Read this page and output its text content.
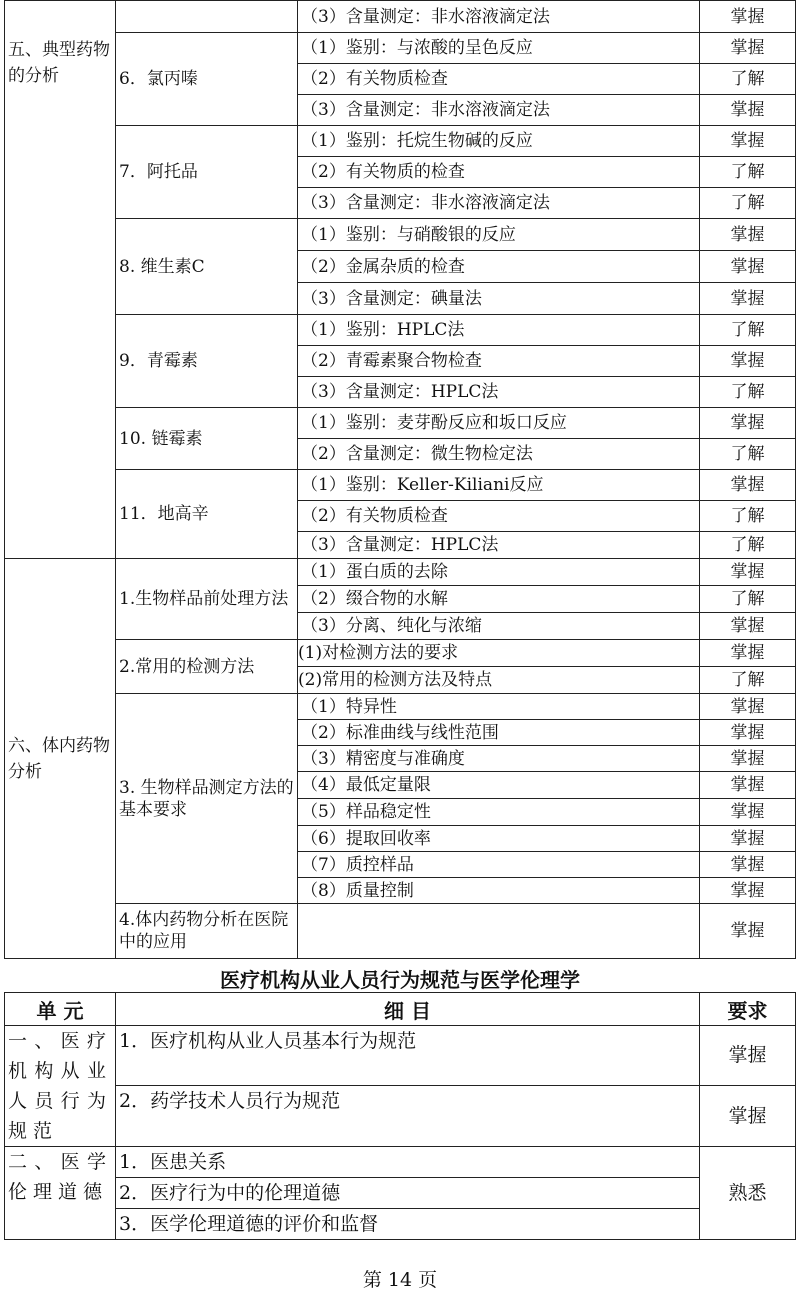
五、典型药物的分析		（3）含量测定：非水溶液滴定法	掌握
	6．氯丙嗪	（1）鉴别：与浓酸的呈色反应	掌握
		（2）有关物质检查	了解
		（3）含量测定：非水溶液滴定法	掌握
	7．阿托品	（1）鉴别：托烷生物碱的反应	掌握
		（2）有关物质的检查	了解
		（3）含量测定：非水溶液滴定法	了解
	8. 维生素C	（1）鉴别：与硝酸银的反应	掌握
		（2）金属杂质的检查	掌握
		（3）含量测定：碘量法	掌握
	9．青霉素	（1）鉴别：HPLC法	了解
		（2）青霉素聚合物检查	掌握
		（3）含量测定：HPLC法	了解
	10. 链霉素	（1）鉴别：麦芽酚反应和坂口反应	掌握
		（2）含量测定：微生物检定法	了解
	11．地高辛	（1）鉴别：Keller-Kiliani反应	掌握
		（2）有关物质检查	了解
		（3）含量测定：HPLC法	了解
六、体内药物分析	1.生物样品前处理方法	（1）蛋白质的去除	掌握
		（2）缀合物的水解	了解
		（3）分离、纯化与浓缩	掌握
	2.常用的检测方法	(1)对检测方法的要求	掌握
		(2)常用的检测方法及特点	了解
	3. 生物样品测定方法的基本要求	（1）特异性	掌握
		（2）标准曲线与线性范围	掌握
		（3）精密度与准确度	掌握
		（4）最低定量限	掌握
		（5）样品稳定性	掌握
		（6）提取回收率	掌握
		（7）质控样品	掌握
		（8）质量控制	掌握
	4.体内药物分析在医院中的应用		掌握
医疗机构从业人员行为规范与医学伦理学
单 元	细 目	要求
一、医疗机构从业人员行为规范	1．医疗机构从业人员基本行为规范	掌握
	2．药学技术人员行为规范	掌握
二、医学伦理道德	1．医患关系	熟悉
	2．医疗行为中的伦理道德	
	3．医学伦理道德的评价和监督	
第 14 页
